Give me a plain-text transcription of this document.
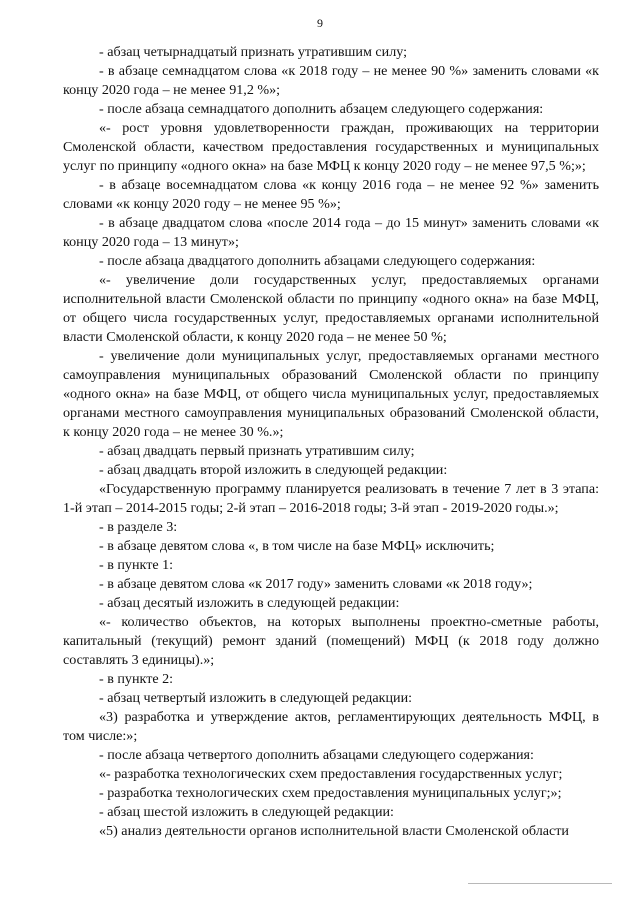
9

- абзац четырнадцатый признать утратившим силу;

- в абзаце семнадцатом слова «к 2018 году – не менее 90 %» заменить словами «к концу 2020 года – не менее 91,2 %»;

- после абзаца семнадцатого дополнить абзацем следующего содержания:

«- рост уровня удовлетворенности граждан, проживающих на территории Смоленской области, качеством предоставления государственных и муниципальных услуг по принципу «одного окна» на базе МФЦ к концу 2020 году – не менее 97,5 %;»;

- в абзаце восемнадцатом слова «к концу 2016 года – не менее 92 %» заменить словами «к концу 2020 году – не менее 95 %»;

- в абзаце двадцатом слова «после 2014 года – до 15 минут» заменить словами «к концу 2020 года – 13 минут»;

- после абзаца двадцатого дополнить абзацами следующего содержания:

«- увеличение доли государственных услуг, предоставляемых органами исполнительной власти Смоленской области по принципу «одного окна» на базе МФЦ, от общего числа государственных услуг, предоставляемых органами исполнительной власти Смоленской области, к концу 2020 года – не менее 50 %;

- увеличение доли муниципальных услуг, предоставляемых органами местного самоуправления муниципальных образований Смоленской области по принципу «одного окна» на базе МФЦ, от общего числа муниципальных услуг, предоставляемых органами местного самоуправления муниципальных образований Смоленской области, к концу 2020 года – не менее 30 %.»;

- абзац двадцать первый признать утратившим силу;

- абзац двадцать второй изложить в следующей редакции:

«Государственную программу планируется реализовать в течение 7 лет в 3 этапа: 1-й этап – 2014-2015 годы; 2-й этап – 2016-2018 годы; 3-й этап - 2019-2020 годы.»;

- в разделе 3:

- в абзаце девятом слова «, в том числе на базе МФЦ» исключить;

- в пункте 1:

- в абзаце девятом слова «к 2017 году» заменить словами «к 2018 году»;

- абзац десятый изложить в следующей редакции:

«- количество объектов, на которых выполнены проектно-сметные работы, капитальный (текущий) ремонт зданий (помещений) МФЦ (к 2018 году должно составлять 3 единицы).»;

- в пункте 2:

- абзац четвертый изложить в следующей редакции:

«3) разработка и утверждение актов, регламентирующих деятельность МФЦ, в том числе:»;

- после абзаца четвертого дополнить абзацами следующего содержания:

«- разработка технологических схем предоставления государственных услуг;

- разработка технологических схем предоставления муниципальных услуг;»;

- абзац шестой изложить в следующей редакции:

«5) анализ деятельности органов исполнительной власти Смоленской области
